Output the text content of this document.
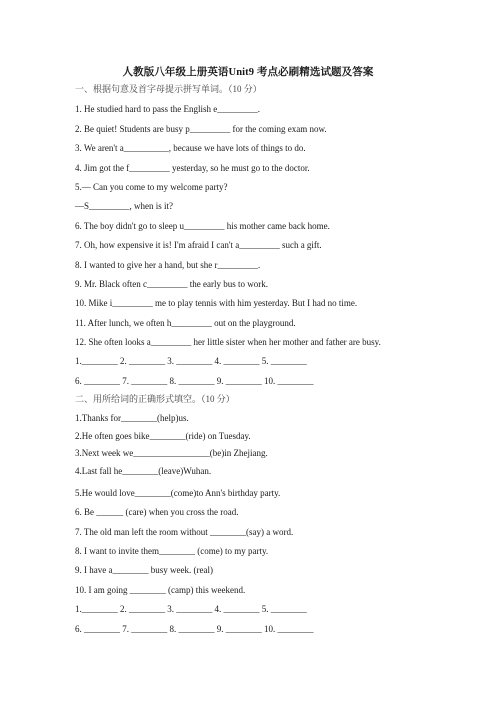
人教版八年级上册英语Unit9 考点必刷精选试题及答案
一、根据句意及首字母提示拼写单词。（10 分）
1. He studied hard to pass the English e_________.
2. Be quiet! Students are busy p_________ for the coming exam now.
3. We aren't a__________, because we have lots of things to do.
4. Jim got the f_________ yesterday, so he must go to the doctor.
5.— Can you come to my welcome party?
—S_________, when is it?
6. The boy didn't go to sleep u_________ his mother came back home.
7. Oh, how expensive it is! I'm afraid I can't a_________ such a gift.
8. I wanted to give her a hand, but she r_________.
9. Mr. Black often c_________ the early bus to work.
10. Mike i_________ me to play tennis with him yesterday. But I had no time.
11. After lunch, we often h_________ out on the playground.
12. She often looks a_________ her little sister when her mother and father are busy.
1.________ 2. ________ 3. ________ 4. ________ 5. ________
6. ________ 7. ________ 8. ________ 9. ________ 10. ________
二、用所给词的正确形式填空。（10 分）
1.Thanks for________(help)us.
2.He often goes bike________(ride) on Tuesday.
3.Next week we_________________(be)in Zhejiang.
4.Last fall he________(leave)Wuhan.
5.He would love________(come)to Ann's birthday party.
6. Be ______ (care) when you cross the road.
7. The old man left the room without ________(say) a word.
8. I want to invite them________ (come) to my party.
9. I have a________ busy week. (real)
10. I am going ________ (camp) this weekend.
1.________ 2. ________ 3. ________ 4. ________ 5. ________
6. ________ 7. ________ 8. ________ 9. ________ 10. ________
